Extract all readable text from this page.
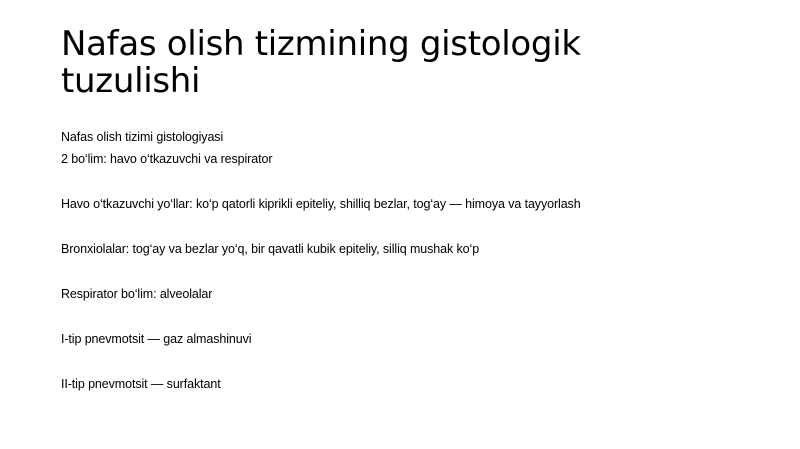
Nafas olish tizmining gistologik tuzulishi
Nafas olish tizimi gistologiyasi
2 bo‘lim: havo o‘tkazuvchi va respirator
Havo o‘tkazuvchi yo‘llar: ko‘p qatorli kiprikli epiteliy, shilliq bezlar, tog‘ay — himoya va tayyorlash
Bronxiolalar: tog‘ay va bezlar yo‘q, bir qavatli kubik epiteliy, silliq mushak ko‘p
Respirator bo‘lim: alveolalar
I-tip pnevmotsit — gaz almashinuvi
II-tip pnevmotsit — surfaktant
